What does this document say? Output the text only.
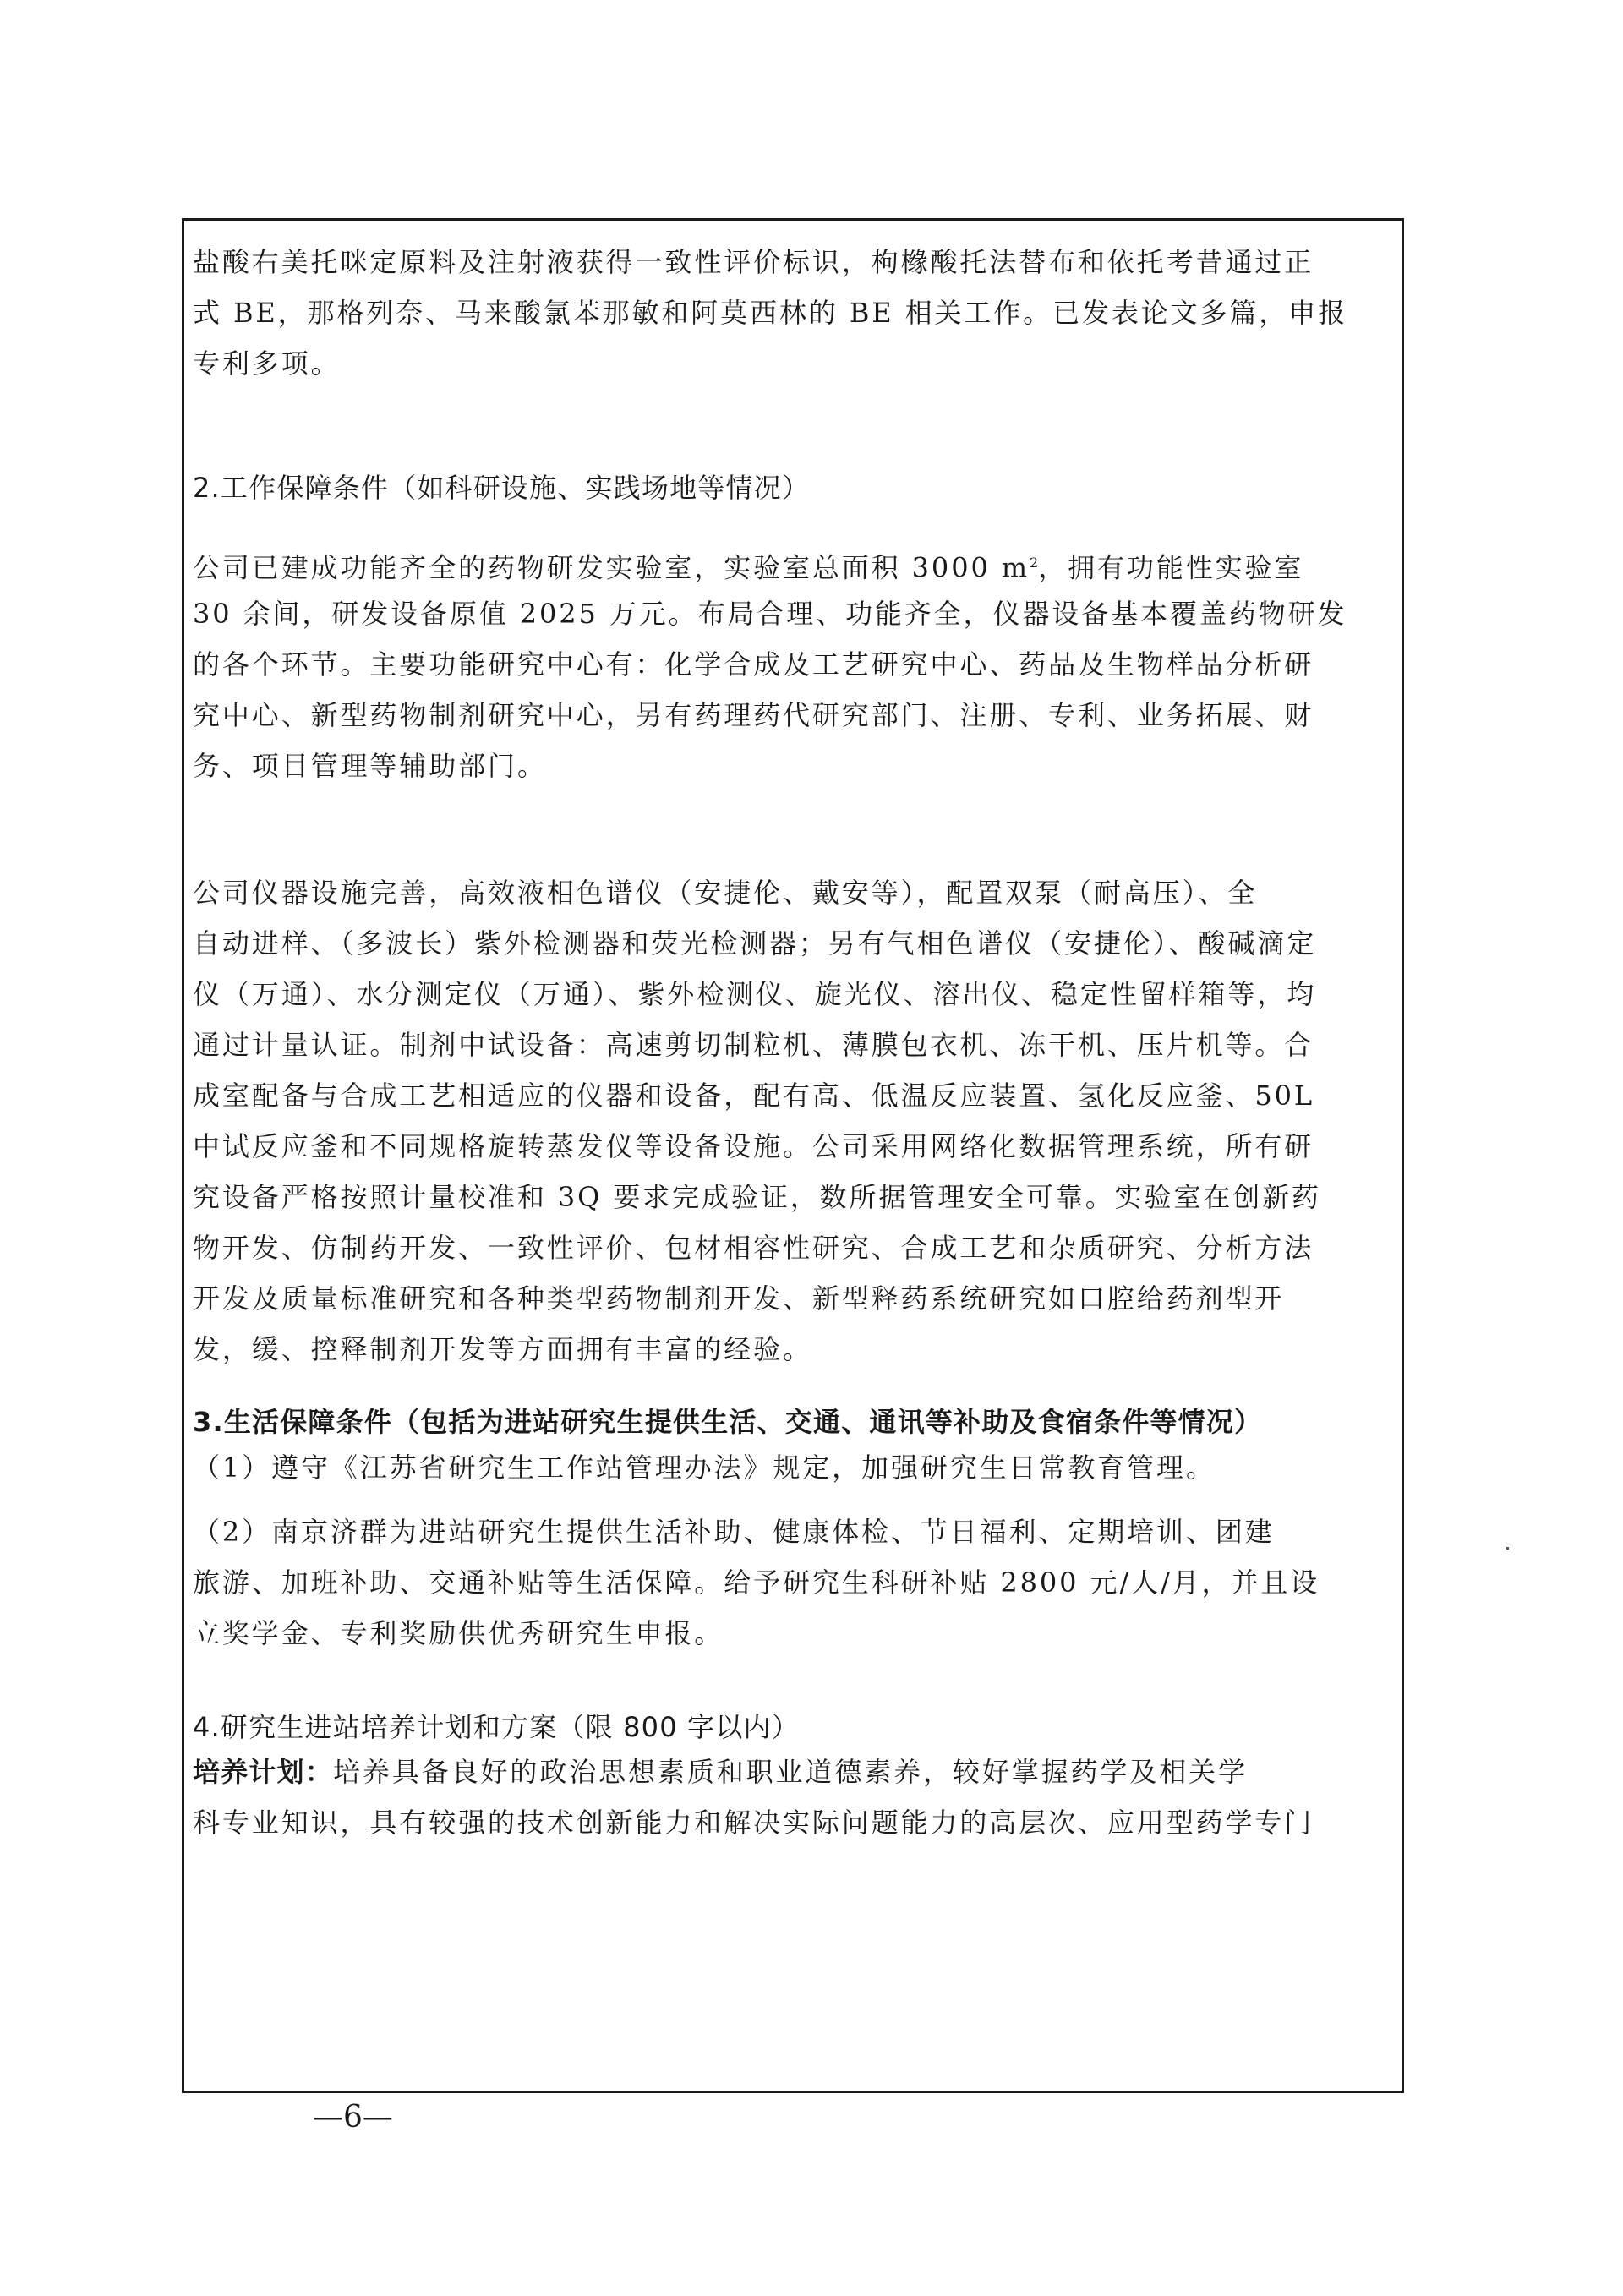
盐酸右美托咪定原料及注射液获得一致性评价标识，枸橼酸托法替布和依托考昔通过正
式 BE，那格列奈、马来酸氯苯那敏和阿莫西林的 BE 相关工作。已发表论文多篇，申报
专利多项。
2.工作保障条件（如科研设施、实践场地等情况）
公司已建成功能齐全的药物研发实验室，实验室总面积 3000 $m^2$，拥有功能性实验室
30 余间，研发设备原值 2025 万元。布局合理、功能齐全，仪器设备基本覆盖药物研发
的各个环节。主要功能研究中心有：化学合成及工艺研究中心、药品及生物样品分析研
究中心、新型药物制剂研究中心，另有药理药代研究部门、注册、专利、业务拓展、财
务、项目管理等辅助部门。
公司仪器设施完善，高效液相色谱仪（安捷伦、戴安等），配置双泵（耐高压）、全
自动进样、（多波长）紫外检测器和荧光检测器；另有气相色谱仪（安捷伦）、酸碱滴定
仪（万通）、水分测定仪（万通）、紫外检测仪、旋光仪、溶出仪、稳定性留样箱等，均
通过计量认证。制剂中试设备：高速剪切制粒机、薄膜包衣机、冻干机、压片机等。合
成室配备与合成工艺相适应的仪器和设备，配有高、低温反应装置、氢化反应釜、50L
中试反应釜和不同规格旋转蒸发仪等设备设施。公司采用网络化数据管理系统，所有研
究设备严格按照计量校准和 3Q 要求完成验证，数所据管理安全可靠。实验室在创新药
物开发、仿制药开发、一致性评价、包材相容性研究、合成工艺和杂质研究、分析方法
开发及质量标准研究和各种类型药物制剂开发、新型释药系统研究如口腔给药剂型开
发，缓、控释制剂开发等方面拥有丰富的经验。
3.生活保障条件（包括为进站研究生提供生活、交通、通讯等补助及食宿条件等情况）
（1）遵守《江苏省研究生工作站管理办法》规定，加强研究生日常教育管理。
（2）南京济群为进站研究生提供生活补助、健康体检、节日福利、定期培训、团建
旅游、加班补助、交通补贴等生活保障。给予研究生科研补贴 2800 元/人/月，并且设
立奖学金、专利奖励供优秀研究生申报。
4.研究生进站培养计划和方案（限 800 字以内）
培养计划：培养具备良好的政治思想素质和职业道德素养，较好掌握药学及相关学
科专业知识，具有较强的技术创新能力和解决实际问题能力的高层次、应用型药学专门
—6—
